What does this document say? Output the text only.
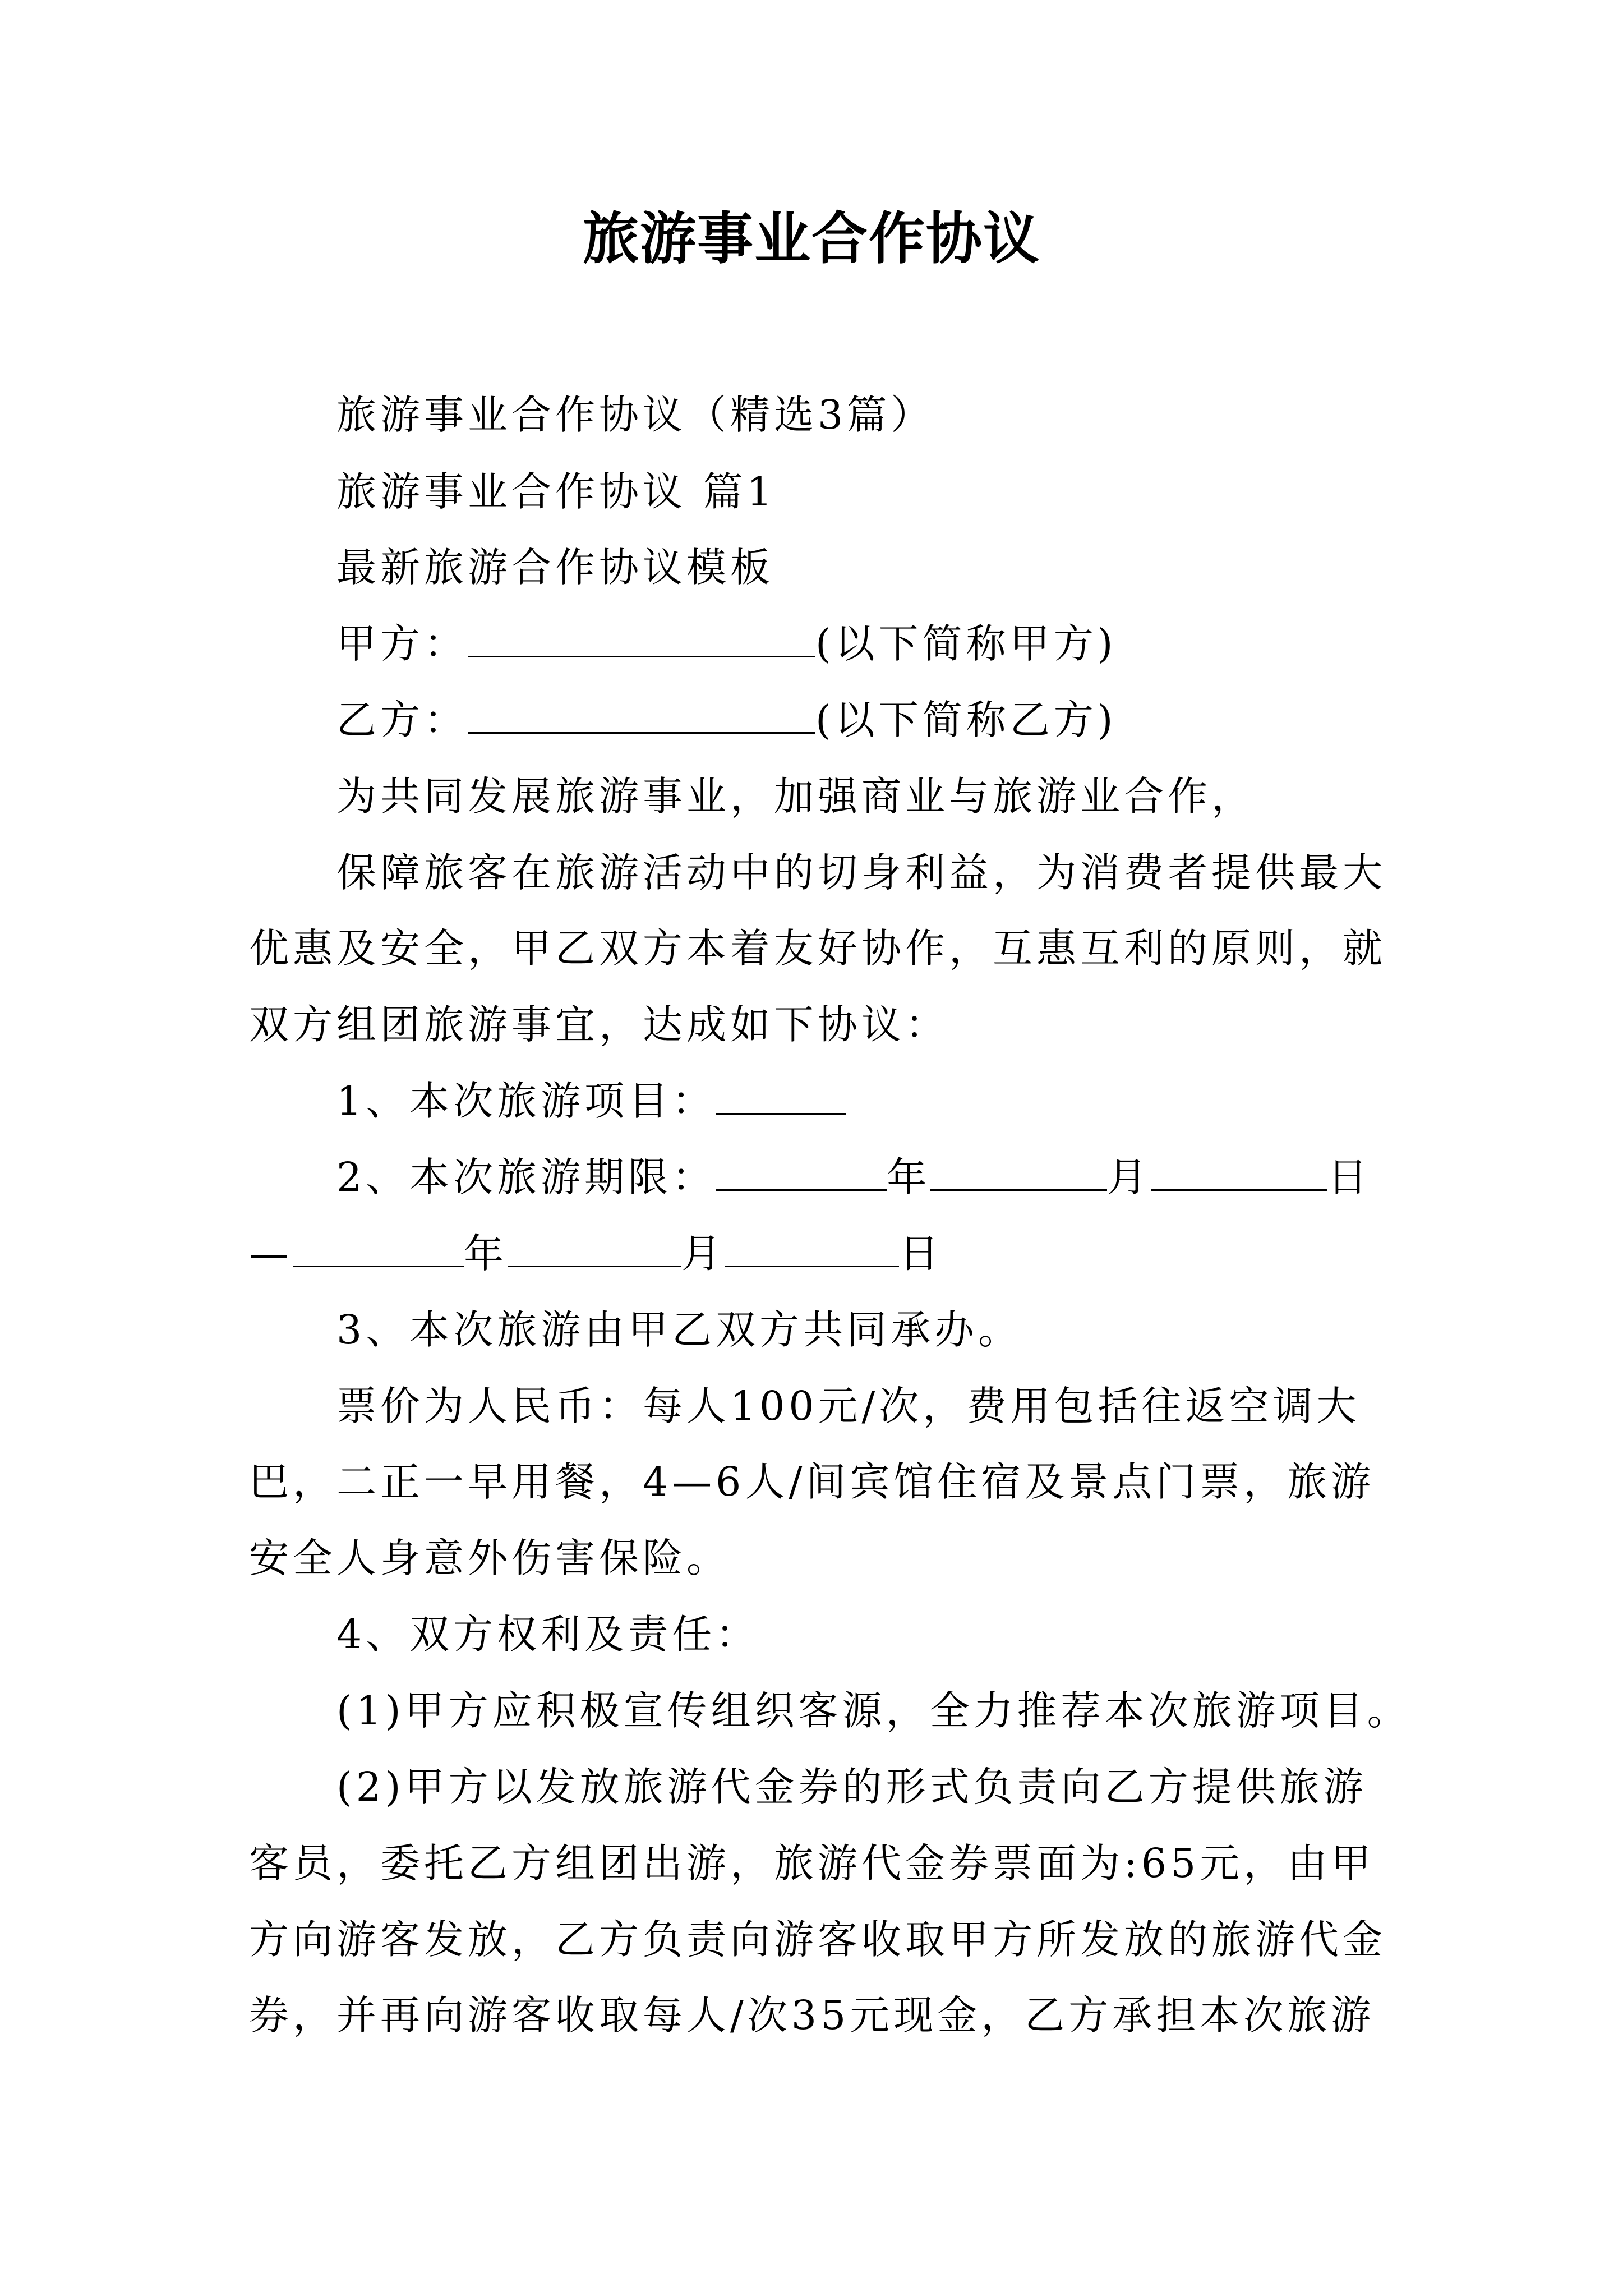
旅游事业合作协议
旅游事业合作协议（精选3篇）
旅游事业合作协议 篇1
最新旅游合作协议模板
甲方：	(以下简称甲方)
乙方：	(以下简称乙方)
为共同发展旅游事业，加强商业与旅游业合作，
保障旅客在旅游活动中的切身利益，为消费者提供最大
优惠及安全，甲乙双方本着友好协作，互惠互利的原则，就
双方组团旅游事宜，达成如下协议：
1、本次旅游项目：
2、本次旅游期限：	年	月	日
—	年	月	日
3、本次旅游由甲乙双方共同承办。
票价为人民币：每人100元/次，费用包括往返空调大
巴，二正一早用餐，4—6人/间宾馆住宿及景点门票，旅游
安全人身意外伤害保险。
4、双方权利及责任：
(1)甲方应积极宣传组织客源，全力推荐本次旅游项目。
(2)甲方以发放旅游代金券的形式负责向乙方提供旅游
客员，委托乙方组团出游，旅游代金券票面为:65元，由甲
方向游客发放，乙方负责向游客收取甲方所发放的旅游代金
券，并再向游客收取每人/次35元现金，乙方承担本次旅游
